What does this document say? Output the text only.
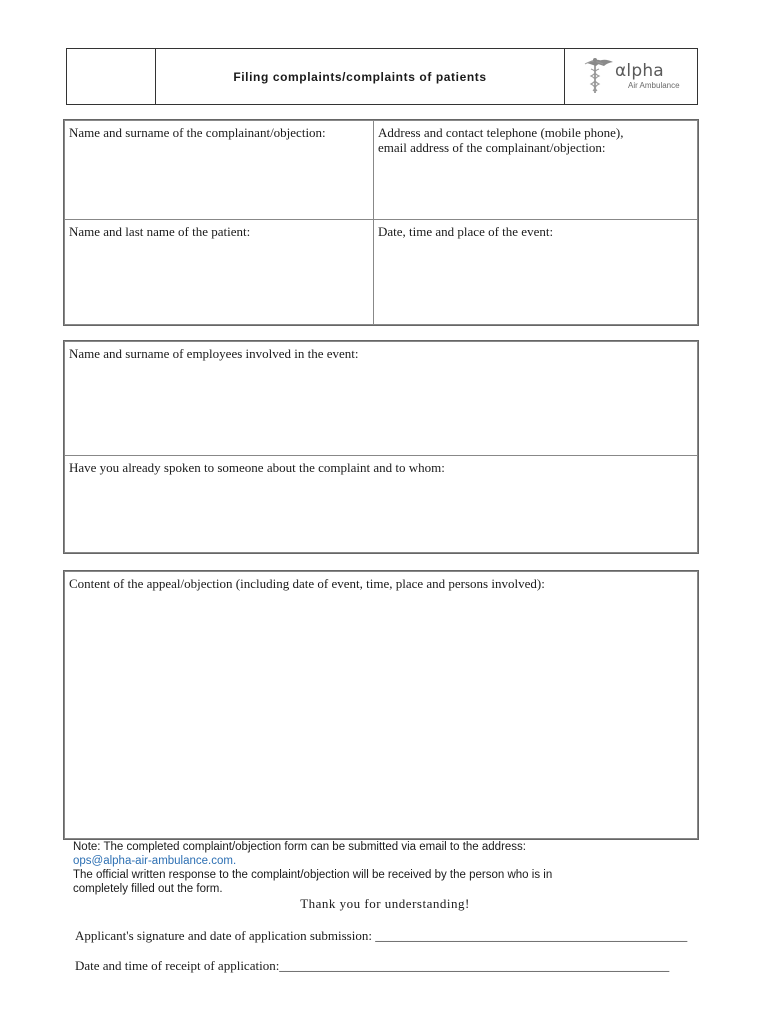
Filing complaints/complaints of patients	αlpha
Air Ambulance
Name and surname of the complainant/objection:	Address and contact telephone (mobile phone),
email address of the complainant/objection:
Name and last name of the patient:	Date, time and place of the event:
Name and surname of employees involved in the event:
Have you already spoken to someone about the complaint and to whom:
Content of the appeal/objection (including date of event, time, place and persons involved):
Note: The completed complaint/objection form can be submitted via email to the address:
ops@alpha-air-ambulance.com.
The official written response to the complaint/objection will be received by the person who is in
completely filled out the form.
Thank you for understanding!
Applicant's signature and date of application submission: ________________________________________________
Date and time of receipt of application:____________________________________________________________
